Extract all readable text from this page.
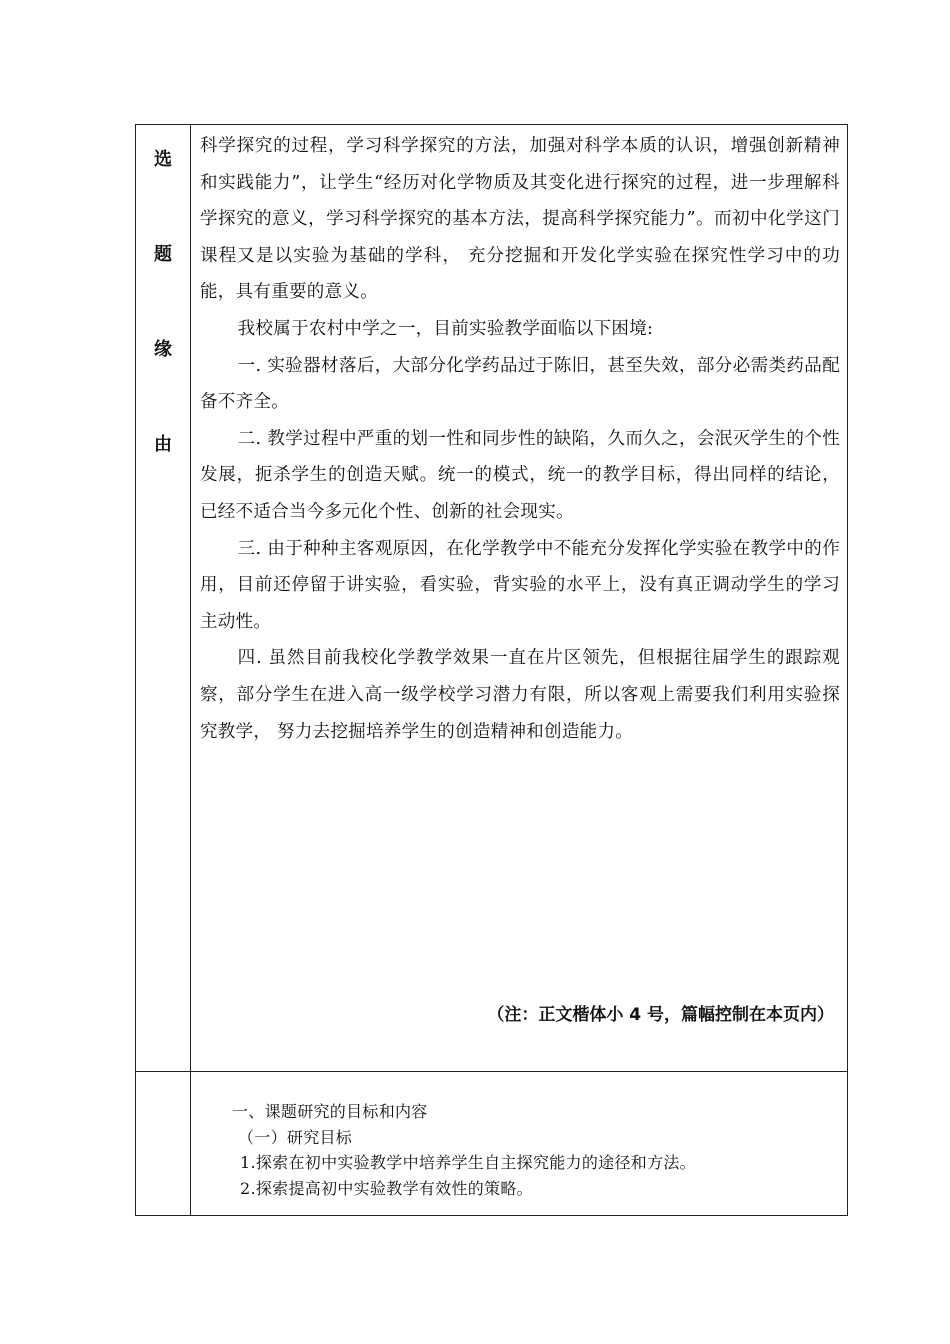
选
题
缘
由

科学探究的过程，学习科学探究的方法，加强对科学本质的认识，增强创新精神和实践能力”，让学生“经历对化学物质及其变化进行探究的过程，进一步理解科学探究的意义，学习科学探究的基本方法，提高科学探究能力”。而初中化学这门课程又是以实验为基础的学科， 充分挖掘和开发化学实验在探究性学习中的功能，具有重要的意义。

我校属于农村中学之一，目前实验教学面临以下困境:

一. 实验器材落后，大部分化学药品过于陈旧，甚至失效，部分必需类药品配备不齐全。

二. 教学过程中严重的划一性和同步性的缺陷，久而久之，会泯灭学生的个性发展，扼杀学生的创造天赋。统一的模式，统一的教学目标，得出同样的结论， 已经不适合当今多元化个性、创新的社会现实。

三. 由于种种主客观原因，在化学教学中不能充分发挥化学实验在教学中的作用，目前还停留于讲实验，看实验，背实验的水平上，没有真正调动学生的学习主动性。

四. 虽然目前我校化学教学效果一直在片区领先，但根据往届学生的跟踪观察，部分学生在进入高一级学校学习潜力有限，所以客观上需要我们利用实验探究教学， 努力去挖掘培养学生的创造精神和创造能力。

（注：正文楷体小 4 号，篇幅控制在本页内）
一、课题研究的目标和内容
（一）研究目标
1.探索在初中实验教学中培养学生自主探究能力的途径和方法。
2.探索提高初中实验教学有效性的策略。
